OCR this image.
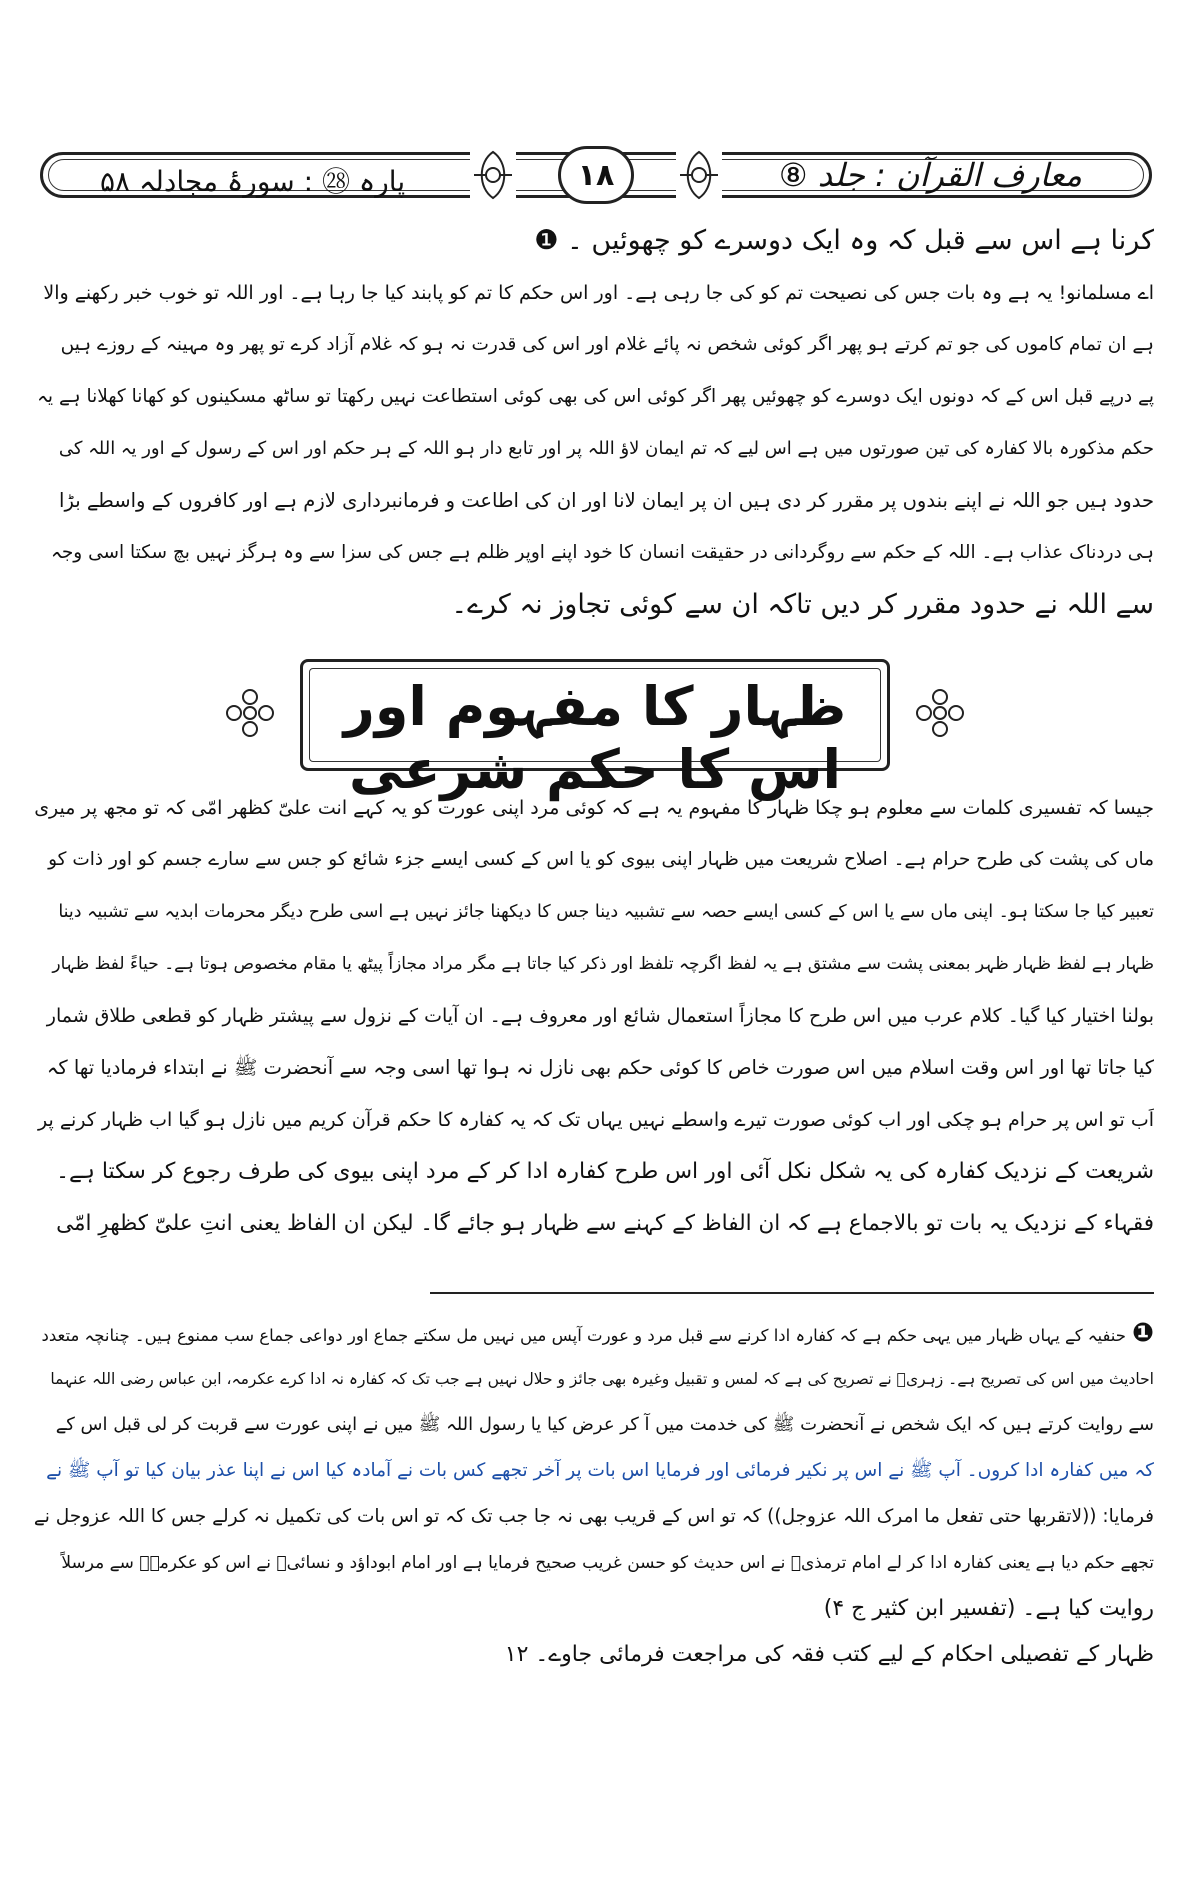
پارہ ㉘ : سورۂ مجادلہ ۵۸	۱۸	معارف القرآن : جلد ⑧
کرنا ہے اس سے قبل کہ وہ ایک دوسرے کو چھوئیں ۔ ❶
اے مسلمانو! یہ ہے وہ بات جس کی نصیحت تم کو کی جا رہی ہے۔ اور اس حکم کا تم کو پابند کیا جا رہا ہے۔ اور اللہ تو خوب خبر رکھنے والا
ہے ان تمام کاموں کی جو تم کرتے ہو پھر اگر کوئی شخص نہ پائے غلام اور اس کی قدرت نہ ہو کہ غلام آزاد کرے تو پھر وہ مہینہ کے روزے ہیں
پے درپے قبل اس کے کہ دونوں ایک دوسرے کو چھوئیں پھر اگر کوئی اس کی بھی کوئی استطاعت نہیں رکھتا تو ساٹھ مسکینوں کو کھانا کھلانا ہے یہ
حکم مذکورہ بالا کفارہ کی تین صورتوں میں ہے اس لیے کہ تم ایمان لاؤ اللہ پر اور تابع دار ہو اللہ کے ہر حکم اور اس کے رسول کے اور یہ اللہ کی
حدود ہیں جو اللہ نے اپنے بندوں پر مقرر کر دی ہیں ان پر ایمان لانا اور ان کی اطاعت و فرمانبرداری لازم ہے اور کافروں کے واسطے بڑا
ہی دردناک عذاب ہے۔ اللہ کے حکم سے روگردانی در حقیقت انسان کا خود اپنے اوپر ظلم ہے جس کی سزا سے وہ ہرگز نہیں بچ سکتا اسی وجہ
سے اللہ نے حدود مقرر کر دیں تاکہ ان سے کوئی تجاوز نہ کرے۔
ظہار کا مفہوم اور اس کا حکم شرعی
جیسا کہ تفسیری کلمات سے معلوم ہو چکا ظہار کا مفہوم یہ ہے کہ کوئی مرد اپنی عورت کو یہ کہے انت علیّ کظھر امّی کہ تو مجھ پر میری
ماں کی پشت کی طرح حرام ہے۔ اصلاح شریعت میں ظہار اپنی بیوی کو یا اس کے کسی ایسے جزء شائع کو جس سے سارے جسم کو اور ذات کو
تعبیر کیا جا سکتا ہو۔ اپنی ماں سے یا اس کے کسی ایسے حصہ سے تشبیہ دینا جس کا دیکھنا جائز نہیں ہے اسی طرح دیگر محرمات ابدیہ سے تشبیہ دینا
ظہار ہے لفظ ظہار ظہر بمعنی پشت سے مشتق ہے یہ لفظ اگرچہ تلفظ اور ذکر کیا جاتا ہے مگر مراد مجازاً پیٹھ یا مقام مخصوص ہوتا ہے۔ حیاءً لفظ ظہار
بولنا اختیار کیا گیا۔ کلام عرب میں اس طرح کا مجازاً استعمال شائع اور معروف ہے۔ ان آیات کے نزول سے پیشتر ظہار کو قطعی طلاق شمار
کیا جاتا تھا اور اس وقت اسلام میں اس صورت خاص کا کوئی حکم بھی نازل نہ ہوا تھا اسی وجہ سے آنحضرت ﷺ نے ابتداء فرمادیا تھا کہ
اَب تو اس پر حرام ہو چکی اور اب کوئی صورت تیرے واسطے نہیں یہاں تک کہ یہ کفارہ کا حکم قرآن کریم میں نازل ہو گیا اب ظہار کرنے پر
شریعت کے نزدیک کفارہ کی یہ شکل نکل آئی اور اس طرح کفارہ ادا کر کے مرد اپنی بیوی کی طرف رجوع کر سکتا ہے۔
فقہاء کے نزدیک یہ بات تو بالاجماع ہے کہ ان الفاظ کے کہنے سے ظہار ہو جائے گا۔ لیکن ان الفاظ یعنی انتِ علیّ کظھرِ امّی
❶حنفیہ کے یہاں ظہار میں یہی حکم ہے کہ کفارہ ادا کرنے سے قبل مرد و عورت آپس میں نہیں مل سکتے جماع اور دواعی جماع سب ممنوع ہیں۔ چنانچہ متعدد
احادیث میں اس کی تصریح ہے۔ زہریؒ نے تصریح کی ہے کہ لمس و تقبیل وغیرہ بھی جائز و حلال نہیں ہے جب تک کہ کفارہ نہ ادا کرے عکرمہ، ابن عباس رضی اللہ عنہما
سے روایت کرتے ہیں کہ ایک شخص نے آنحضرت ﷺ کی خدمت میں آ کر عرض کیا یا رسول اللہ ﷺ میں نے اپنی عورت سے قربت کر لی قبل اس کے
کہ میں کفارہ ادا کروں۔ آپ ﷺ نے اس پر نکیر فرمائی اور فرمایا اس بات پر آخر تجھے کس بات نے آمادہ کیا اس نے اپنا عذر بیان کیا تو آپ ﷺ نے
فرمایا: ((لاتقربھا حتی تفعل ما امرک اللہ عزوجل)) کہ تو اس کے قریب بھی نہ جا جب تک کہ تو اس بات کی تکمیل نہ کرلے جس کا اللہ عزوجل نے
تجھے حکم دیا ہے یعنی کفارہ ادا کر لے امام ترمذیؒ نے اس حدیث کو حسن غریب صحیح فرمایا ہے اور امام ابوداؤد و نسائیؒ نے اس کو عکرمہؓ سے مرسلاً
روایت کیا ہے۔ (تفسیر ابن کثیر ج ۴)
ظہار کے تفصیلی احکام کے لیے کتب فقہ کی مراجعت فرمائی جاوے۔ ۱۲
